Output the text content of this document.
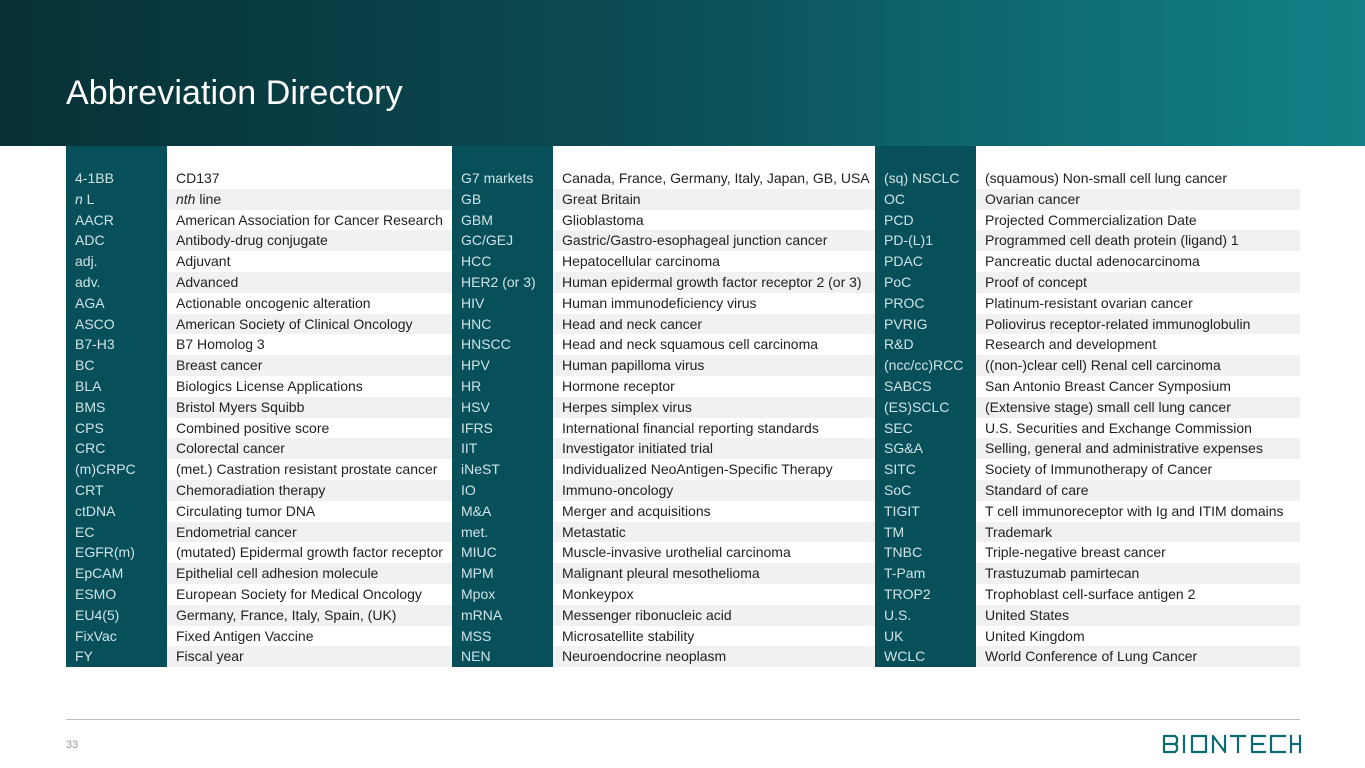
Abbreviation Directory

4-1BB	CD137	G7 markets	Canada, France, Germany, Italy, Japan, GB, USA	(sq) NSCLC	(squamous) Non-small cell lung cancer
n L	nth line	GB	Great Britain	OC	Ovarian cancer
AACR	American Association for Cancer Research	GBM	Glioblastoma	PCD	Projected Commercialization Date
ADC	Antibody-drug conjugate	GC/GEJ	Gastric/Gastro-esophageal junction cancer	PD-(L)1	Programmed cell death protein (ligand) 1
adj.	Adjuvant	HCC	Hepatocellular carcinoma	PDAC	Pancreatic ductal adenocarcinoma
adv.	Advanced	HER2 (or 3)	Human epidermal growth factor receptor 2 (or 3)	PoC	Proof of concept
AGA	Actionable oncogenic alteration	HIV	Human immunodeficiency virus	PROC	Platinum-resistant ovarian cancer
ASCO	American Society of Clinical Oncology	HNC	Head and neck cancer	PVRIG	Poliovirus receptor-related immunoglobulin
B7-H3	B7 Homolog 3	HNSCC	Head and neck squamous cell carcinoma	R&D	Research and development
BC	Breast cancer	HPV	Human papilloma virus	(ncc/cc)RCC	((non-)clear cell) Renal cell carcinoma
BLA	Biologics License Applications	HR	Hormone receptor	SABCS	San Antonio Breast Cancer Symposium
BMS	Bristol Myers Squibb	HSV	Herpes simplex virus	(ES)SCLC	(Extensive stage) small cell lung cancer
CPS	Combined positive score	IFRS	International financial reporting standards	SEC	U.S. Securities and Exchange Commission
CRC	Colorectal cancer	IIT	Investigator initiated trial	SG&A	Selling, general and administrative expenses
(m)CRPC	(met.) Castration resistant prostate cancer	iNeST	Individualized NeoAntigen-Specific Therapy	SITC	Society of Immunotherapy of Cancer
CRT	Chemoradiation therapy	IO	Immuno-oncology	SoC	Standard of care
ctDNA	Circulating tumor DNA	M&A	Merger and acquisitions	TIGIT	T cell immunoreceptor with Ig and ITIM domains
EC	Endometrial cancer	met.	Metastatic	TM	Trademark
EGFR(m)	(mutated) Epidermal growth factor receptor	MIUC	Muscle-invasive urothelial carcinoma	TNBC	Triple-negative breast cancer
EpCAM	Epithelial cell adhesion molecule	MPM	Malignant pleural mesothelioma	T-Pam	Trastuzumab pamirtecan
ESMO	European Society for Medical Oncology	Mpox	Monkeypox	TROP2	Trophoblast cell-surface antigen 2
EU4(5)	Germany, France, Italy, Spain, (UK)	mRNA	Messenger ribonucleic acid	U.S.	United States
FixVac	Fixed Antigen Vaccine	MSS	Microsatellite stability	UK	United Kingdom
FY	Fiscal year	NEN	Neuroendocrine neoplasm	WCLC	World Conference of Lung Cancer
33
